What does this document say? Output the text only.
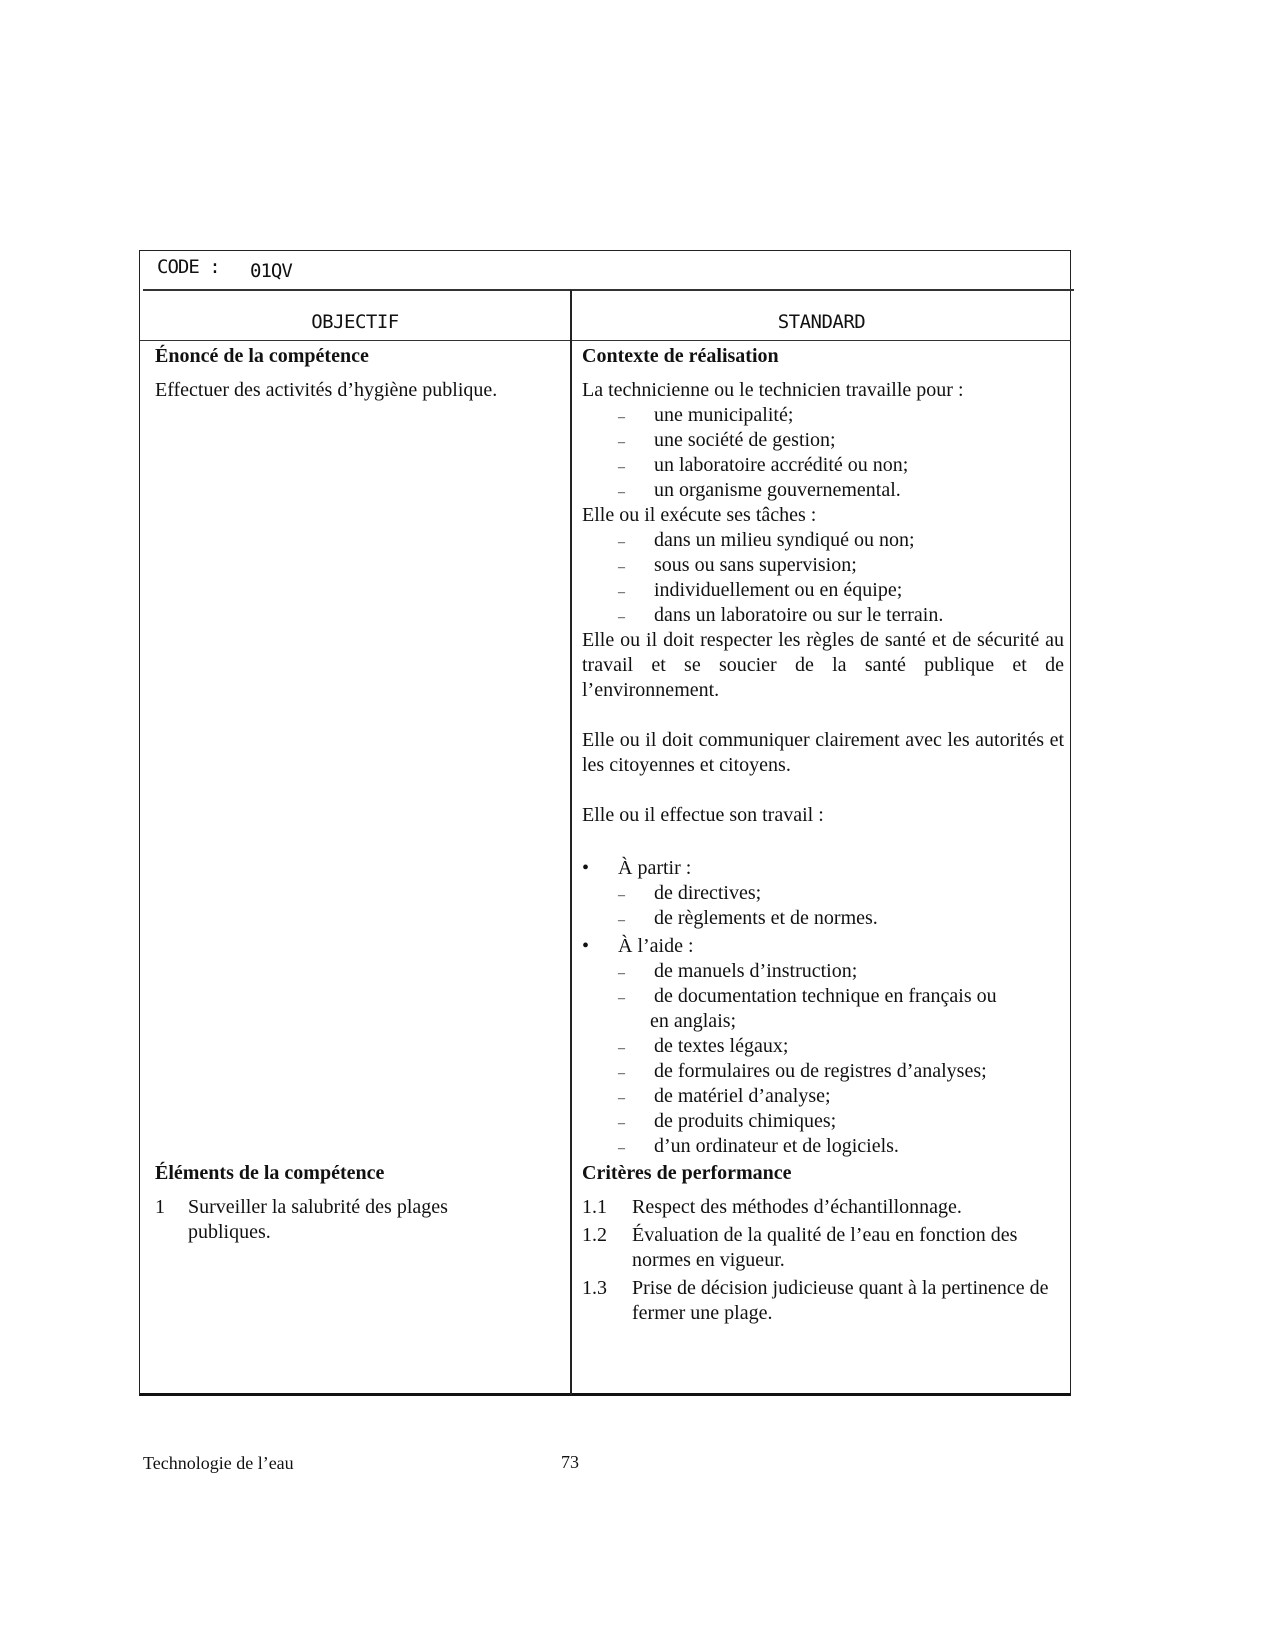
CODE : 01QV
OBJECTIF	STANDARD
Énoncé de la compétence
Effectuer des activités d’hygiène publique.
Contexte de réalisation
La technicienne ou le technicien travaille pour :
– une municipalité;
– une société de gestion;
– un laboratoire accrédité ou non;
– un organisme gouvernemental.
Elle ou il exécute ses tâches :
– dans un milieu syndiqué ou non;
– sous ou sans supervision;
– individuellement ou en équipe;
– dans un laboratoire ou sur le terrain.
Elle ou il doit respecter les règles de santé et de sécurité au travail et se soucier de la santé publique et de l’environnement.
Elle ou il doit communiquer clairement avec les autorités et les citoyennes et citoyens.
Elle ou il effectue son travail :
• À partir :
– de directives;
– de règlements et de normes.
• À l’aide :
– de manuels d’instruction;
– de documentation technique en français ou
en anglais;
– de textes légaux;
– de formulaires ou de registres d’analyses;
– de matériel d’analyse;
– de produits chimiques;
– d’un ordinateur et de logiciels.
Éléments de la compétence
1	Surveiller la salubrité des plages publiques.
Critères de performance
1.1	Respect des méthodes d’échantillonnage.
1.2	Évaluation de la qualité de l’eau en fonction des normes en vigueur.
1.3	Prise de décision judicieuse quant à la pertinence de fermer une plage.
Technologie de l’eau	73
